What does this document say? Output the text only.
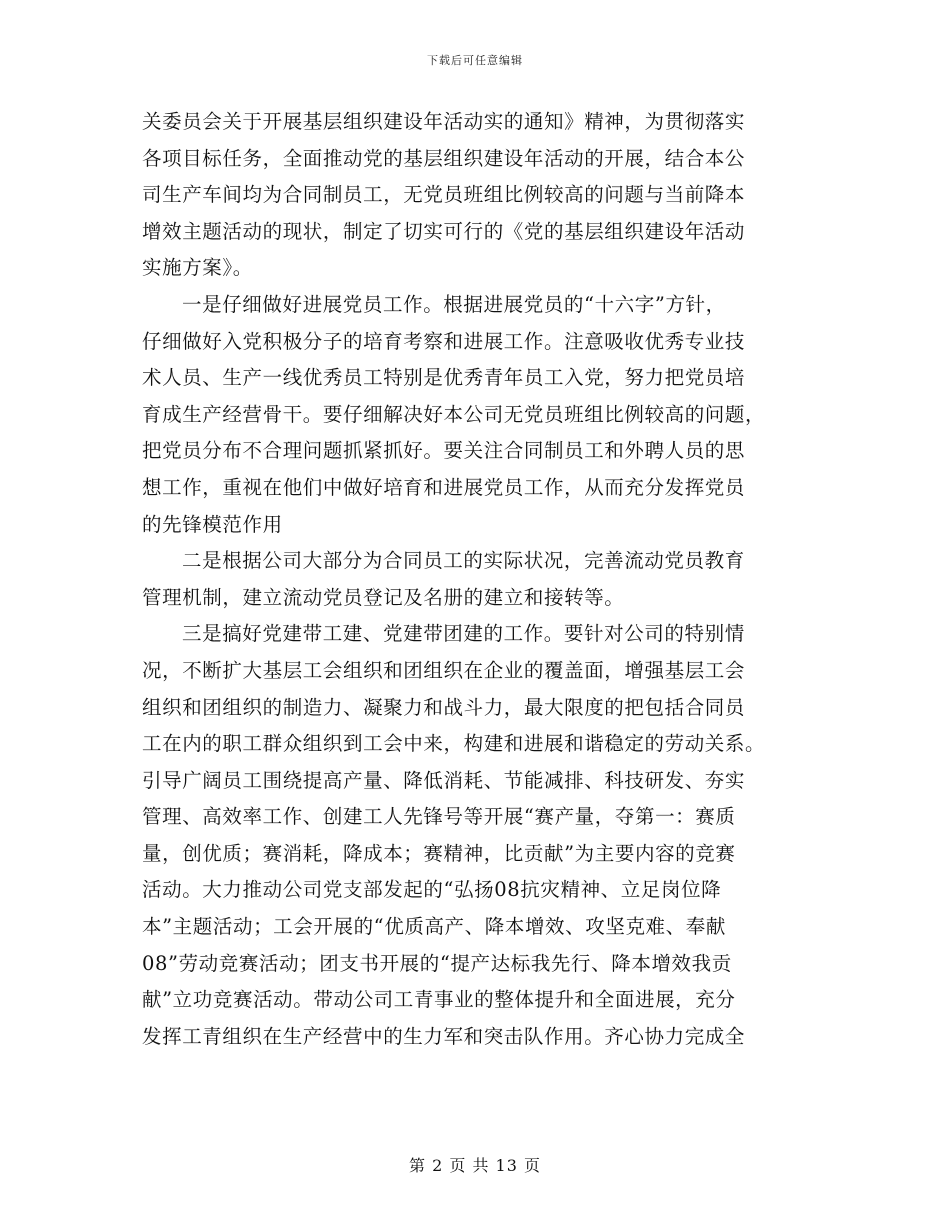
下载后可任意编辑
关委员会关于开展基层组织建设年活动实的通知》精神，为贯彻落实
各项目标任务，全面推动党的基层组织建设年活动的开展，结合本公
司生产车间均为合同制员工，无党员班组比例较高的问题与当前降本
增效主题活动的现状，制定了切实可行的《党的基层组织建设年活动
实施方案》。
一是仔细做好进展党员工作。根据进展党员的“十六字”方针，
仔细做好入党积极分子的培育考察和进展工作。注意吸收优秀专业技
术人员、生产一线优秀员工特别是优秀青年员工入党，努力把党员培
育成生产经营骨干。要仔细解决好本公司无党员班组比例较高的问题，
把党员分布不合理问题抓紧抓好。要关注合同制员工和外聘人员的思
想工作，重视在他们中做好培育和进展党员工作，从而充分发挥党员
的先锋模范作用
二是根据公司大部分为合同员工的实际状况，完善流动党员教育
管理机制，建立流动党员登记及名册的建立和接转等。
三是搞好党建带工建、党建带团建的工作。要针对公司的特别情
况，不断扩大基层工会组织和团组织在企业的覆盖面，增强基层工会
组织和团组织的制造力、凝聚力和战斗力，最大限度的把包括合同员
工在内的职工群众组织到工会中来，构建和进展和谐稳定的劳动关系。
引导广阔员工围绕提高产量、降低消耗、节能减排、科技研发、夯实
管理、高效率工作、创建工人先锋号等开展“赛产量，夺第一：赛质
量，创优质；赛消耗，降成本；赛精神，比贡献”为主要内容的竞赛
活动。大力推动公司党支部发起的“弘扬08抗灾精神、立足岗位降
本”主题活动；工会开展的“优质高产、降本增效、攻坚克难、奉献
08”劳动竞赛活动；团支书开展的“提产达标我先行、降本增效我贡
献”立功竞赛活动。带动公司工青事业的整体提升和全面进展，充分
发挥工青组织在生产经营中的生力军和突击队作用。齐心协力完成全
第 2 页 共 13 页
